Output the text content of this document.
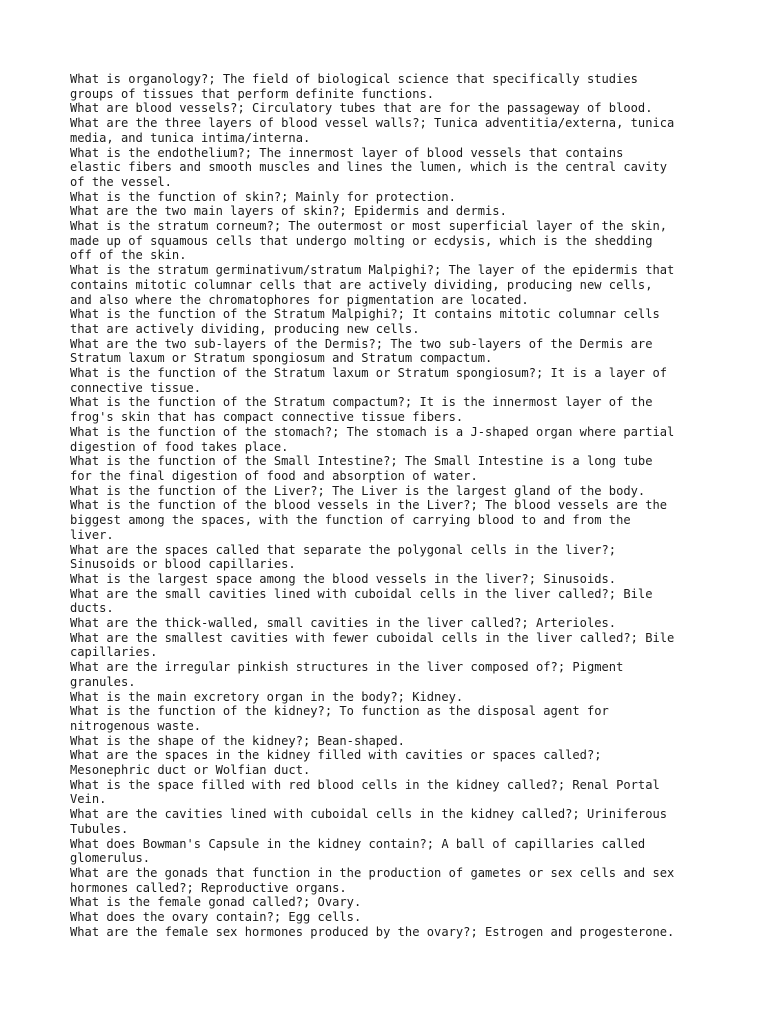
What is organology?; The field of biological science that specifically studies
groups of tissues that perform definite functions.

What are blood vessels?; Circulatory tubes that are for the passageway of blood.

What are the three layers of blood vessel walls?; Tunica adventitia/externa, tunica
media, and tunica intima/interna.

What is the endothelium?; The innermost layer of blood vessels that contains
elastic fibers and smooth muscles and lines the lumen, which is the central cavity
of the vessel.

What is the function of skin?; Mainly for protection.

What are the two main layers of skin?; Epidermis and dermis.

What is the stratum corneum?; The outermost or most superficial layer of the skin,
made up of squamous cells that undergo molting or ecdysis, which is the shedding
off of the skin.

What is the stratum germinativum/stratum Malpighi?; The layer of the epidermis that
contains mitotic columnar cells that are actively dividing, producing new cells,
and also where the chromatophores for pigmentation are located.

What is the function of the Stratum Malpighi?; It contains mitotic columnar cells
that are actively dividing, producing new cells.

What are the two sub-layers of the Dermis?; The two sub-layers of the Dermis are
Stratum laxum or Stratum spongiosum and Stratum compactum.

What is the function of the Stratum laxum or Stratum spongiosum?; It is a layer of
connective tissue.

What is the function of the Stratum compactum?; It is the innermost layer of the
frog's skin that has compact connective tissue fibers.

What is the function of the stomach?; The stomach is a J-shaped organ where partial
digestion of food takes place.

What is the function of the Small Intestine?; The Small Intestine is a long tube
for the final digestion of food and absorption of water.

What is the function of the Liver?; The Liver is the largest gland of the body.

What is the function of the blood vessels in the Liver?; The blood vessels are the
biggest among the spaces, with the function of carrying blood to and from the
liver.

What are the spaces called that separate the polygonal cells in the liver?;
Sinusoids or blood capillaries.

What is the largest space among the blood vessels in the liver?; Sinusoids.

What are the small cavities lined with cuboidal cells in the liver called?; Bile
ducts.

What are the thick-walled, small cavities in the liver called?; Arterioles.

What are the smallest cavities with fewer cuboidal cells in the liver called?; Bile
capillaries.

What are the irregular pinkish structures in the liver composed of?; Pigment
granules.

What is the main excretory organ in the body?; Kidney.

What is the function of the kidney?; To function as the disposal agent for
nitrogenous waste.

What is the shape of the kidney?; Bean-shaped.

What are the spaces in the kidney filled with cavities or spaces called?;
Mesonephric duct or Wolfian duct.

What is the space filled with red blood cells in the kidney called?; Renal Portal
Vein.

What are the cavities lined with cuboidal cells in the kidney called?; Uriniferous
Tubules.

What does Bowman's Capsule in the kidney contain?; A ball of capillaries called
glomerulus.

What are the gonads that function in the production of gametes or sex cells and sex
hormones called?; Reproductive organs.

What is the female gonad called?; Ovary.

What does the ovary contain?; Egg cells.

What are the female sex hormones produced by the ovary?; Estrogen and progesterone.
